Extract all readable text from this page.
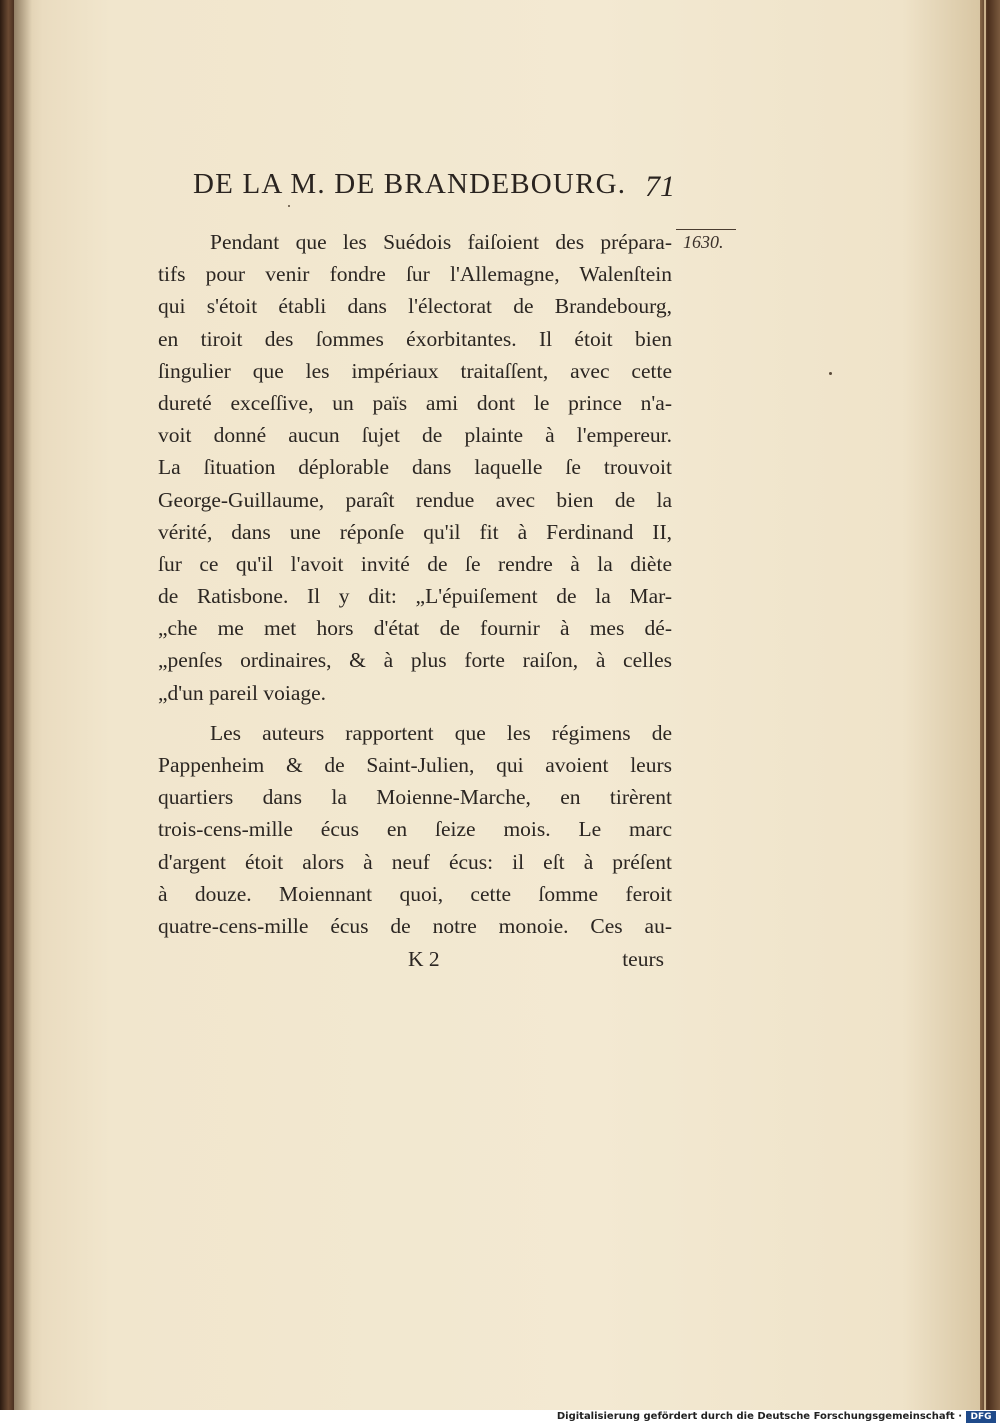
DE LA M. DE BRANDEBOURG. 71
1630.
Pendant que les Suédois faiſoient des prépara-
tifs pour venir fondre ſur l'Allemagne, Walenſtein
qui s'étoit établi dans l'électorat de Brandebourg,
en tiroit des ſommes éxorbitantes. Il étoit bien
ſingulier que les impériaux traitaſſent, avec cette
dureté exceſſive, un païs ami dont le prince n'a-
voit donné aucun ſujet de plainte à l'empereur.
La ſituation déplorable dans laquelle ſe trouvoit
George-Guillaume, paraît rendue avec bien de la
vérité, dans une réponſe qu'il fit à Ferdinand II,
ſur ce qu'il l'avoit invité de ſe rendre à la diète
de Ratisbone. Il y dit: „L'épuiſement de la Mar-
„che me met hors d'état de fournir à mes dé-
„penſes ordinaires, & à plus forte raiſon, à celles
„d'un pareil voiage.
Les auteurs rapportent que les régimens de
Pappenheim & de Saint-Julien, qui avoient leurs
quartiers dans la Moienne-Marche, en tirèrent
trois-cens-mille écus en ſeize mois. Le marc
d'argent étoit alors à neuf écus: il eſt à préſent
à douze. Moiennant quoi, cette ſomme feroit
quatre-cens-mille écus de notre monoie. Ces au-
K 2	teurs
Digitalisierung gefördert durch die Deutsche Forschungsgemeinschaft · DFG
